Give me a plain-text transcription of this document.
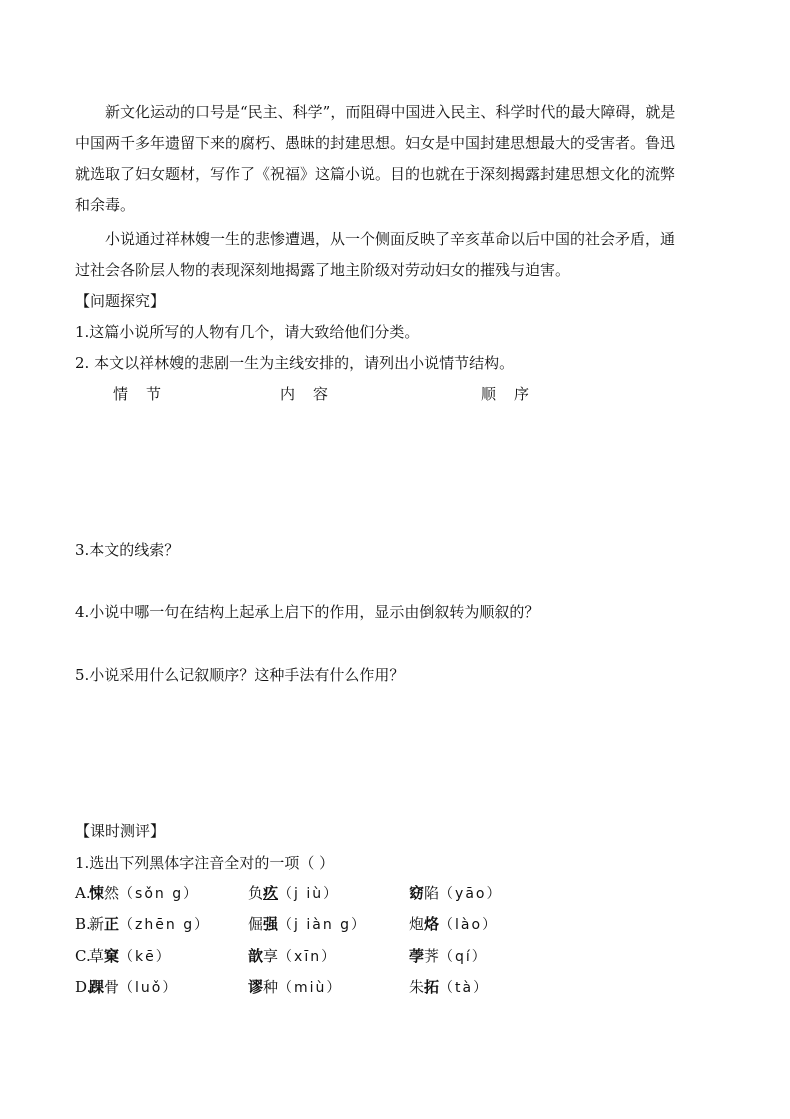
新文化运动的口号是“民主、科学”，而阻碍中国进入民主、科学时代的最大障碍，就是
中国两千多年遗留下来的腐朽、愚昧的封建思想。妇女是中国封建思想最大的受害者。鲁迅
就选取了妇女题材，写作了《祝福》这篇小说。目的也就在于深刻揭露封建思想文化的流弊
和余毒。
小说通过祥林嫂一生的悲惨遭遇，从一个侧面反映了辛亥革命以后中国的社会矛盾，通
过社会各阶层人物的表现深刻地揭露了地主阶级对劳动妇女的摧残与迫害。
【问题探究】
1.这篇小说所写的人物有几个，请大致给他们分类。
2. 本文以祥林嫂的悲剧一生为主线安排的，请列出小说情节结构。
情节	内容	顺序
3.本文的线索？
4.小说中哪一句在结构上起承上启下的作用，显示由倒叙转为顺叙的？
5.小说采用什么记叙顺序？这种手法有什么作用？
【课时测评】
1.选出下列黑体字注音全对的一项（ ）
A.
悚然（sǒn g）	负疚（j iù）	窈陷（yāo）
B.
新正（zhēn g）	倔强（j iàn g）	炮烙（lào）
C.
草窠（kē）	歆享（xīn）	荸荠（qí）
D.
踝骨（luǒ）	谬种（miù）	朱拓（tà）
